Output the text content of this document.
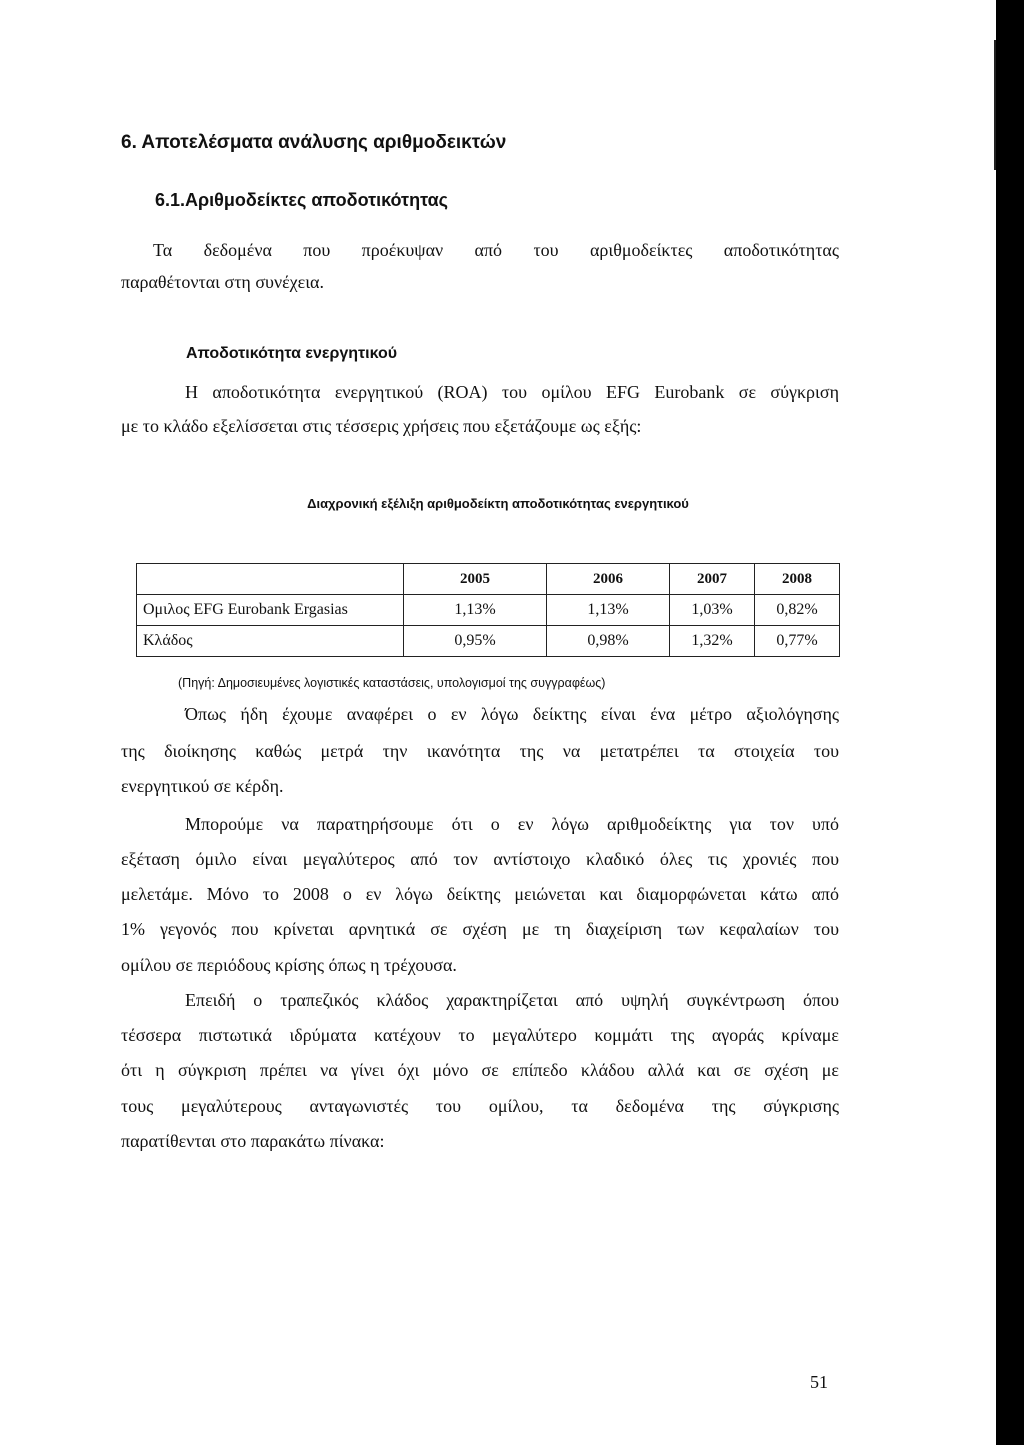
6. Αποτελέσματα ανάλυσης αριθμοδεικτών
6.1.Αριθμοδείκτες αποδοτικότητας
Τα δεδομένα που προέκυψαν από του αριθμοδείκτες αποδοτικότητας
παραθέτονται στη συνέχεια.
Αποδοτικότητα ενεργητικού
Η αποδοτικότητα ενεργητικού (ROA) του ομίλου EFG Eurobank σε σύγκριση
με το κλάδο εξελίσσεται στις τέσσερις χρήσεις που εξετάζουμε ως εξής:
Διαχρονική εξέλιξη αριθμοδείκτη αποδοτικότητας ενεργητικού
	2005	2006	2007	2008
Ομιλος EFG Eurobank Ergasias	1,13%	1,13%	1,03%	0,82%
Κλάδος	0,95%	0,98%	1,32%	0,77%
(Πηγή: Δημοσιευμένες λογιστικές καταστάσεις, υπολογισμοί της συγγραφέως)
Όπως ήδη έχουμε αναφέρει ο εν λόγω δείκτης είναι ένα μέτρο αξιολόγησης
της διοίκησης καθώς μετρά την ικανότητα της να μετατρέπει τα στοιχεία του
ενεργητικού σε κέρδη.
Μπορούμε να παρατηρήσουμε ότι ο εν λόγω αριθμοδείκτης για τον υπό
εξέταση όμιλο είναι μεγαλύτερος από τον αντίστοιχο κλαδικό όλες τις χρονιές που
μελετάμε. Μόνο το 2008 ο εν λόγω δείκτης μειώνεται και διαμορφώνεται κάτω από
1% γεγονός που κρίνεται αρνητικά σε σχέση με τη διαχείριση των κεφαλαίων του
ομίλου σε περιόδους κρίσης όπως η τρέχουσα.
Επειδή ο τραπεζικός κλάδος χαρακτηρίζεται από υψηλή συγκέντρωση όπου
τέσσερα πιστωτικά ιδρύματα κατέχουν το μεγαλύτερο κομμάτι της αγοράς κρίναμε
ότι η σύγκριση πρέπει να γίνει όχι μόνο σε επίπεδο κλάδου αλλά και σε σχέση με
τους μεγαλύτερους ανταγωνιστές του ομίλου, τα δεδομένα της σύγκρισης
παρατίθενται στο παρακάτω πίνακα:
51
